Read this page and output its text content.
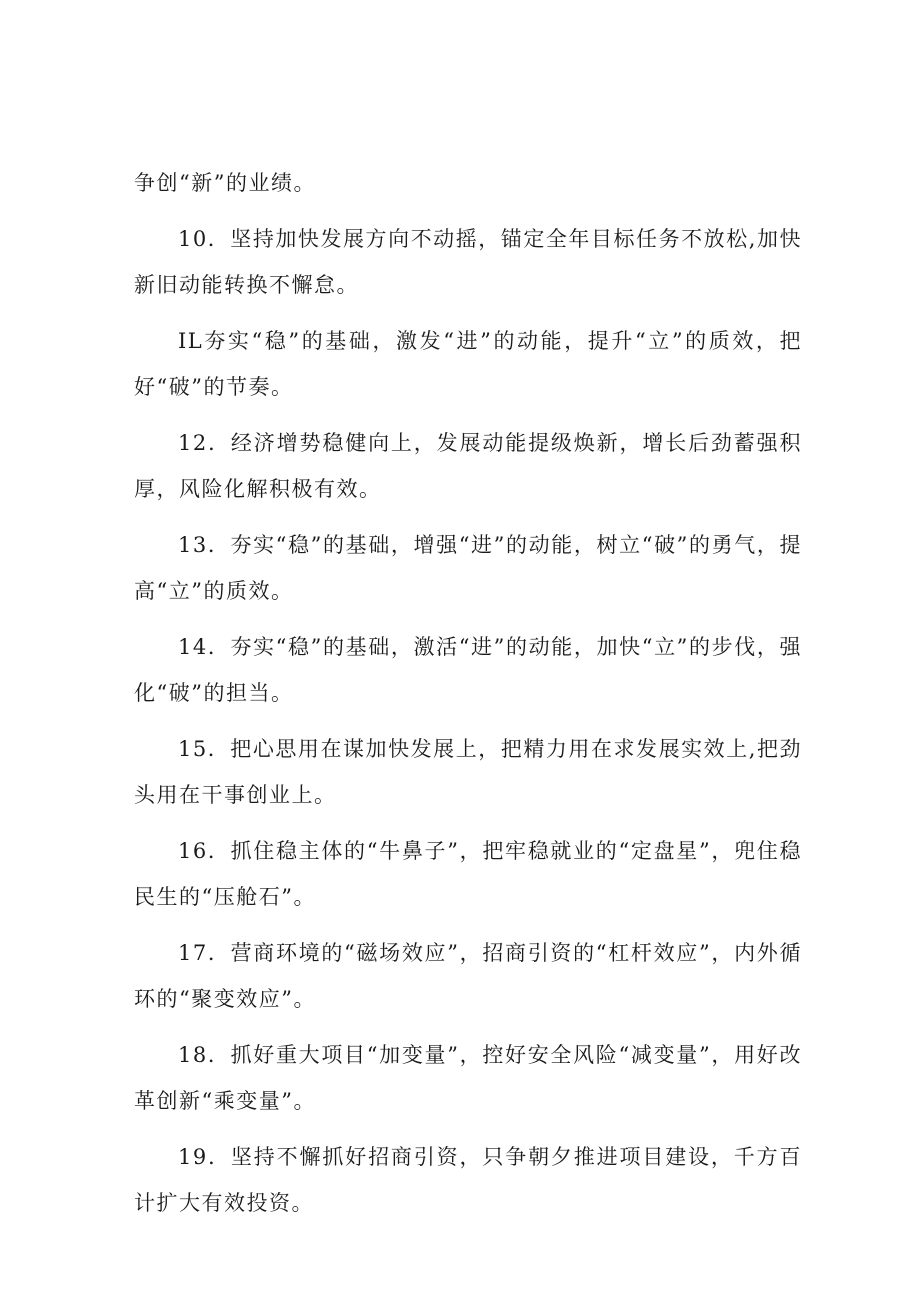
争创“新”的业绩。

10．坚持加快发展方向不动摇，锚定全年目标任务不放松,加快新旧动能转换不懈怠。

IL夯实“稳”的基础，激发“进”的动能，提升“立”的质效，把好“破”的节奏。

12．经济增势稳健向上，发展动能提级焕新，增长后劲蓄强积厚，风险化解积极有效。

13．夯实“稳”的基础，增强“进”的动能，树立“破”的勇气，提高“立”的质效。

14．夯实“稳”的基础，激活“进”的动能，加快“立”的步伐，强化“破”的担当。

15．把心思用在谋加快发展上，把精力用在求发展实效上,把劲头用在干事创业上。

16．抓住稳主体的“牛鼻子”，把牢稳就业的“定盘星”，兜住稳民生的“压舱石”。

17．营商环境的“磁场效应”，招商引资的“杠杆效应”，内外循环的“聚变效应”。

18．抓好重大项目“加变量”，控好安全风险“减变量”，用好改革创新“乘变量”。

19．坚持不懈抓好招商引资，只争朝夕推进项目建设，千方百计扩大有效投资。
